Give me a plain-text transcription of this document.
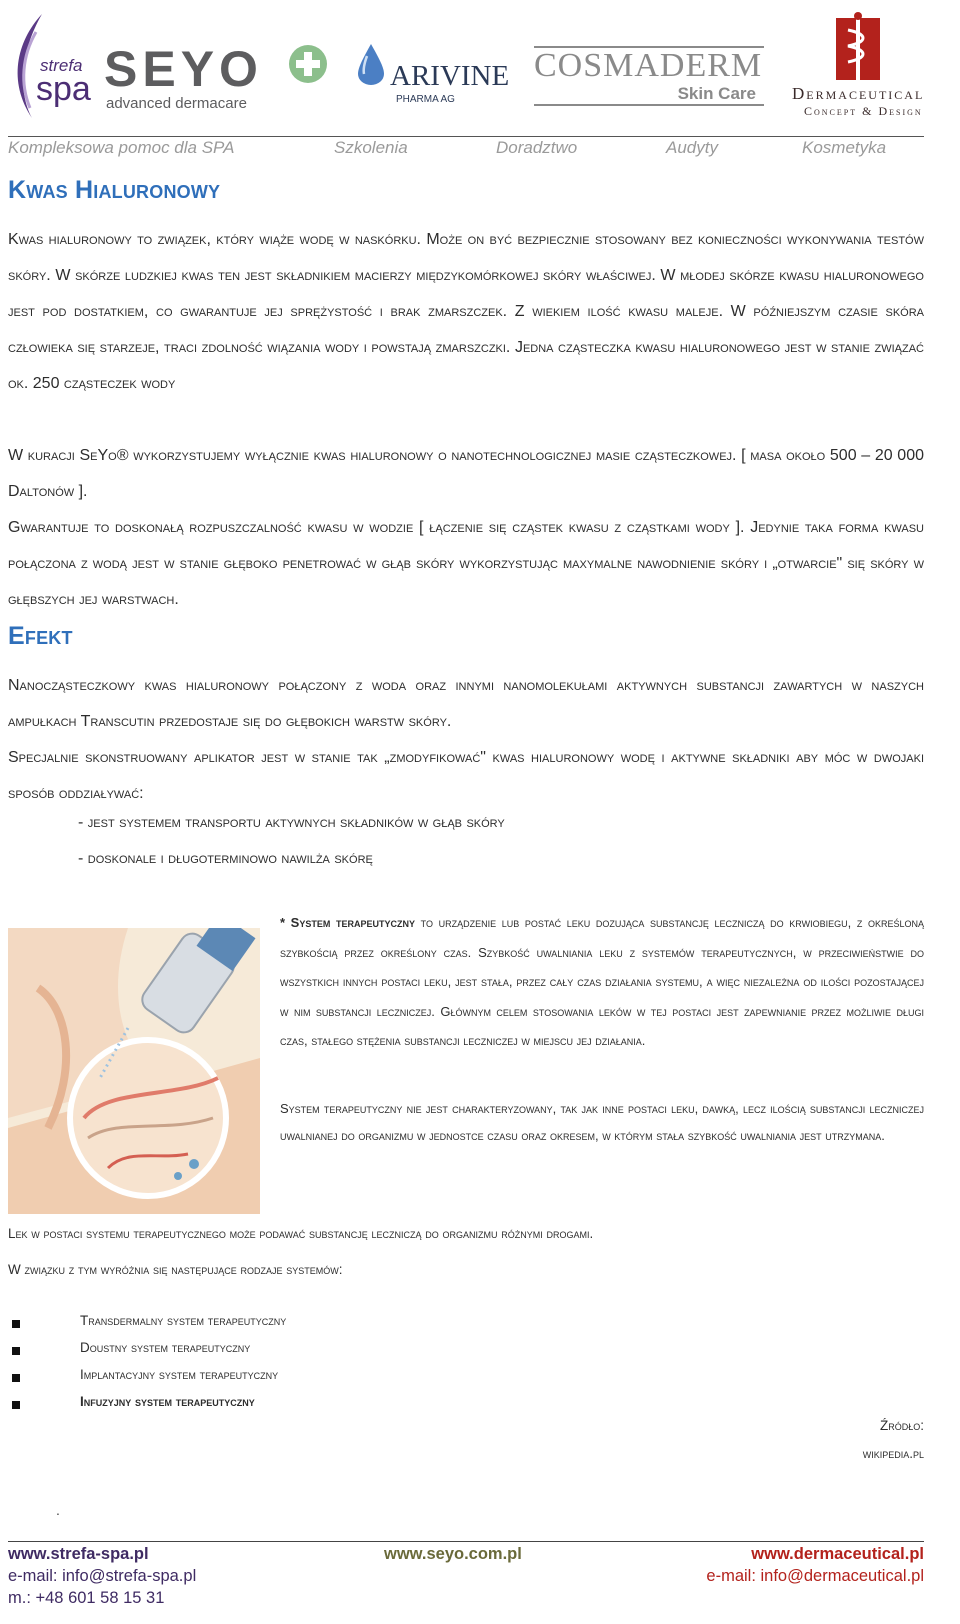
strefa
spa SEYO
advanced dermacare
ARIVINE
PHARMA AG
COSMADERM
Skin Care Dermaceutical
Concept & Design
Kompleksowa pomoc dla SPA	Szkolenia	Doradztwo	Audyty	Kosmetyka
Kwas Hialuronowy
Kwas hialuronowy to związek, który wiąże wodę w naskórku. Może on być bezpiecznie stosowany bez konieczności wykonywania testów skóry. W skórze ludzkiej kwas ten jest składnikiem macierzy międzykomórkowej skóry właściwej. W młodej skórze kwasu hialuronowego jest pod dostatkiem, co gwarantuje jej sprężystość i brak zmarszczek. Z wiekiem ilość kwasu maleje. W późniejszym czasie skóra człowieka się starzeje, traci zdolność wiązania wody i powstają zmarszczki. Jedna cząsteczka kwasu hialuronowego jest w stanie związać ok. 250 cząsteczek wody
W kuracji SeYo® wykorzystujemy wyłącznie kwas hialuronowy o nanotechnologicznej masie cząsteczkowej. [ masa około 500 – 20 000 Daltonów ].
Gwarantuje to doskonałą rozpuszczalność kwasu w wodzie [ łączenie się cząstek kwasu z cząstkami wody ]. Jedynie taka forma kwasu połączona z wodą jest w stanie głęboko penetrować w głąb skóry wykorzystując maxymalne nawodnienie skóry i „otwarcie" się skóry w głębszych jej warstwach.
Efekt
Nanocząsteczkowy kwas hialuronowy połączony z woda oraz innymi nanomolekułami aktywnych substancji zawartych w naszych ampułkach Transcutin przedostaje się do głębokich warstw skóry.
Specjalnie skonstruowany aplikator jest w stanie tak „zmodyfikować" kwas hialuronowy wodę i aktywne składniki aby móc w dwojaki sposób oddziaływać:
- jest systemem transportu aktywnych składników w głąb skóry
- doskonale i długoterminowo nawilża skórę
* System terapeutyczny to urządzenie lub postać leku dozująca substancję leczniczą do krwiobiegu, z określoną szybkością przez określony czas. Szybkość uwalniania leku z systemów terapeutycznych, w przeciwieństwie do wszystkich innych postaci leku, jest stała, przez cały czas działania systemu, a więc niezależna od ilości pozostającej w nim substancji leczniczej. Głównym celem stosowania leków w tej postaci jest zapewnianie przez możliwie długi czas, stałego stężenia substancji leczniczej w miejscu jej działania.
System terapeutyczny nie jest charakteryzowany, tak jak inne postaci leku, dawką, lecz ilością substancji leczniczej uwalnianej do organizmu w jednostce czasu oraz okresem, w którym stała szybkość uwalniania jest utrzymana.
Lek w postaci systemu terapeutycznego może podawać substancję leczniczą do organizmu różnymi drogami.
W związku z tym wyróżnia się następujące rodzaje systemów:
Transdermalny system terapeutyczny
Doustny system terapeutyczny
Implantacyjny system terapeutyczny
Infuzyjny system terapeutyczny
Źródło:
wikipedia.pl
.
www.strefa-spa.pl
e-mail: info@strefa-spa.pl
m.: +48 601 58 15 31
www.seyo.com.pl	www.dermaceutical.pl
e-mail: info@dermaceutical.pl
